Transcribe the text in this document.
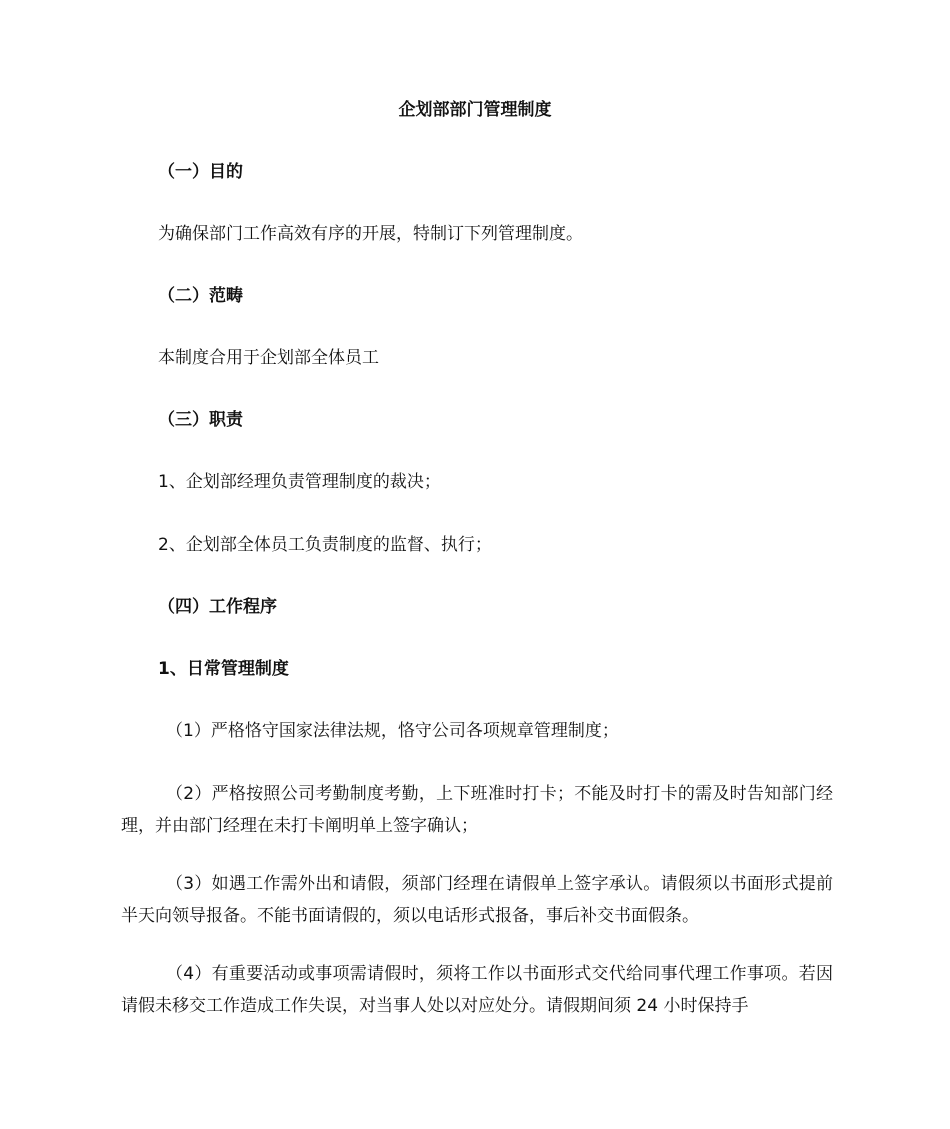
企划部部门管理制度
（一）目的
为确保部门工作高效有序的开展，特制订下列管理制度。
（二）范畴
本制度合用于企划部全体员工
（三）职责
1、企划部经理负责管理制度的裁决；
2、企划部全体员工负责制度的监督、执行；
（四）工作程序
1、日常管理制度
（1）严格恪守国家法律法规，恪守公司各项规章管理制度；
（2）严格按照公司考勤制度考勤，上下班准时打卡；不能及时打卡的需及时告知部门经理，并由部门经理在未打卡阐明单上签字确认；
（3）如遇工作需外出和请假，须部门经理在请假单上签字承认。请假须以书面形式提前半天向领导报备。不能书面请假的，须以电话形式报备，事后补交书面假条。
（4）有重要活动或事项需请假时，须将工作以书面形式交代给同事代理工作事项。若因请假未移交工作造成工作失误，对当事人处以对应处分。请假期间须 24 小时保持手
